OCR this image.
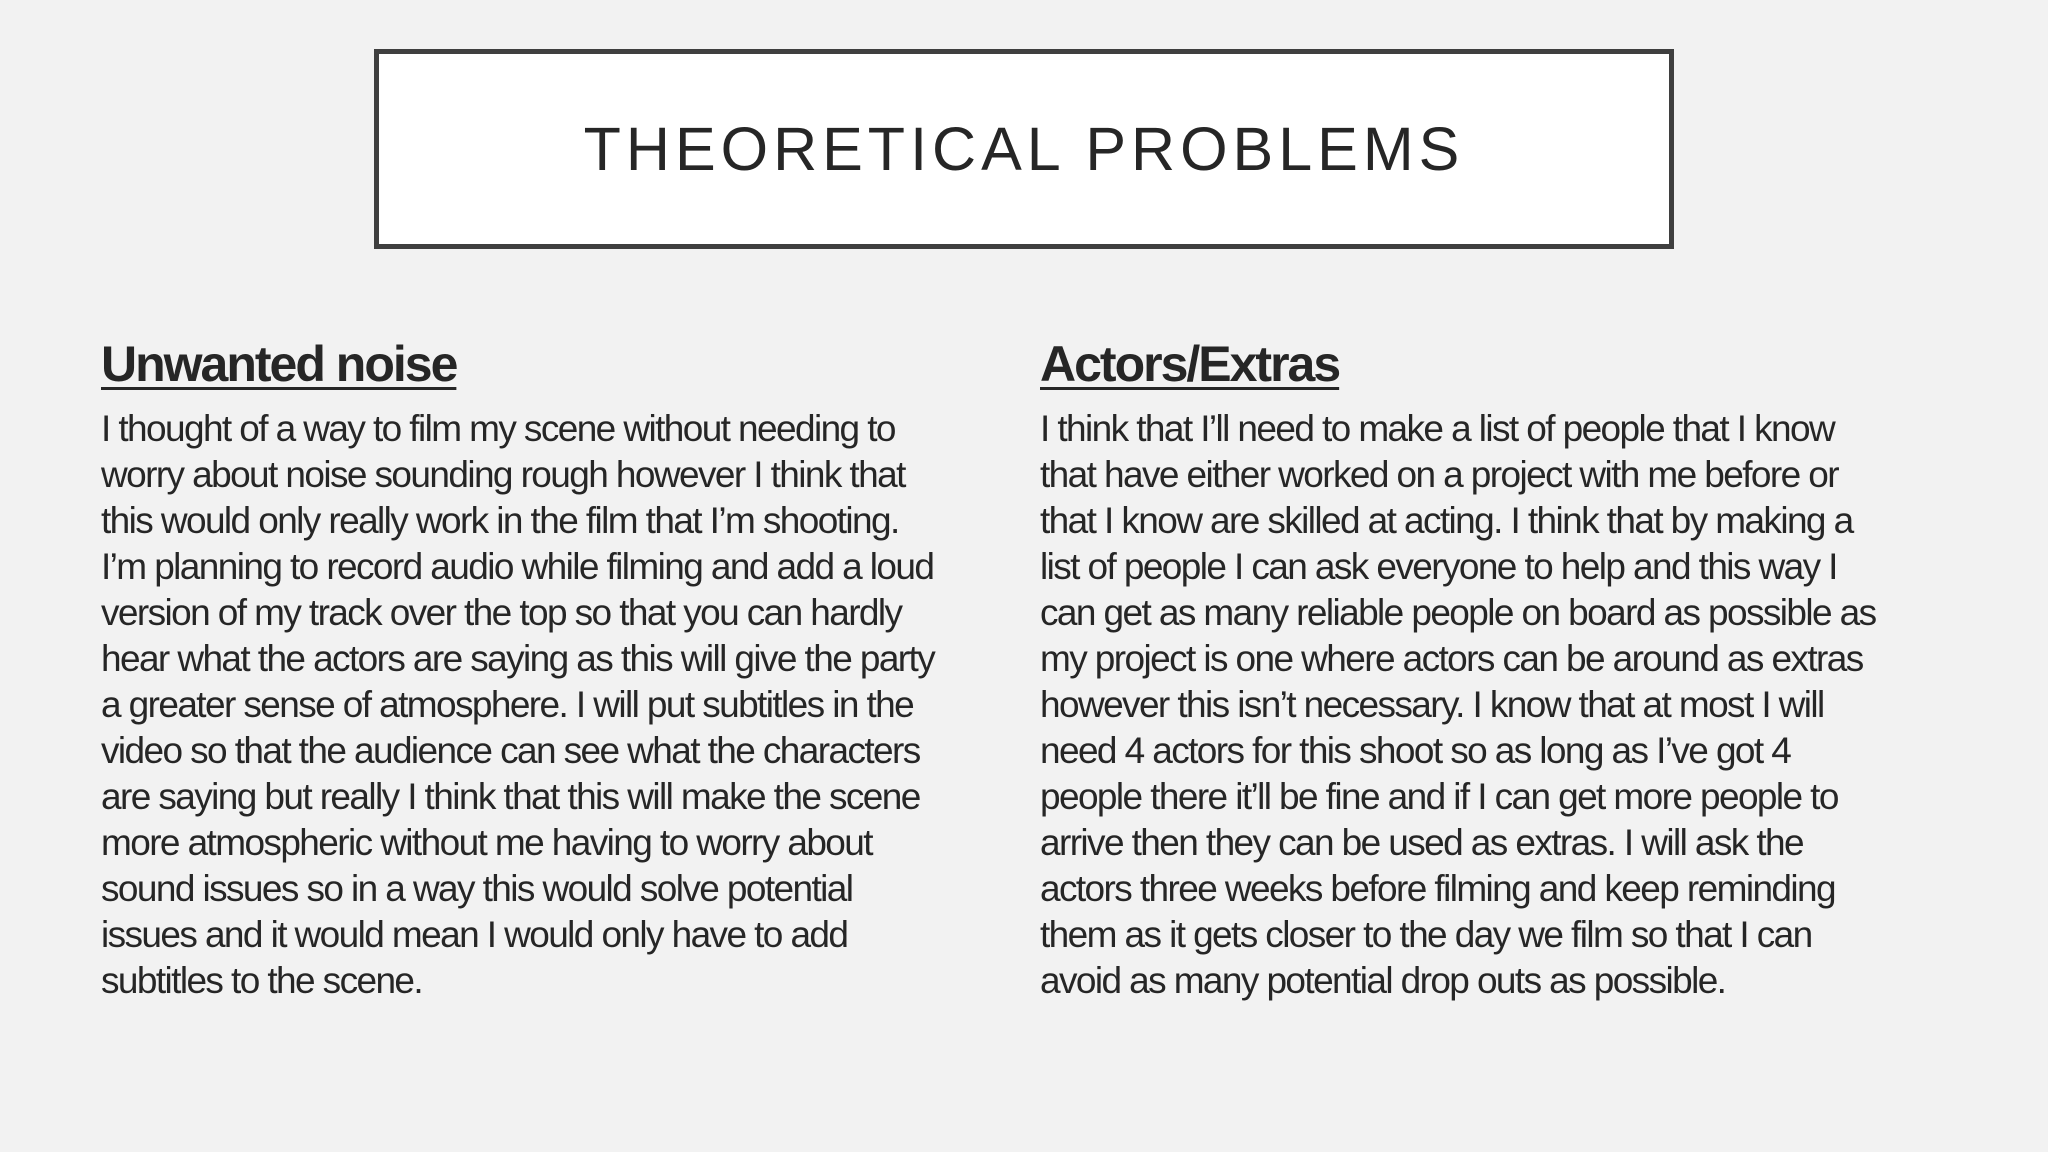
THEORETICAL PROBLEMS
Unwanted noise
I thought of a way to film my scene without needing to
worry about noise sounding rough however I think that
this would only really work in the film that I’m shooting.
I’m planning to record audio while filming and add a loud
version of my track over the top so that you can hardly
hear what the actors are saying as this will give the party
a greater sense of atmosphere. I will put subtitles in the
video so that the audience can see what the characters
are saying but really I think that this will make the scene
more atmospheric without me having to worry about
sound issues so in a way this would solve potential
issues and it would mean I would only have to add
subtitles to the scene.
Actors/Extras
I think that I’ll need to make a list of people that I know
that have either worked on a project with me before or
that I know are skilled at acting. I think that by making a
list of people I can ask everyone to help and this way I
can get as many reliable people on board as possible as
my project is one where actors can be around as extras
however this isn’t necessary. I know that at most I will
need 4 actors for this shoot so as long as I’ve got 4
people there it’ll be fine and if I can get more people to
arrive then they can be used as extras. I will ask the
actors three weeks before filming and keep reminding
them as it gets closer to the day we film so that I can
avoid as many potential drop outs as possible.
